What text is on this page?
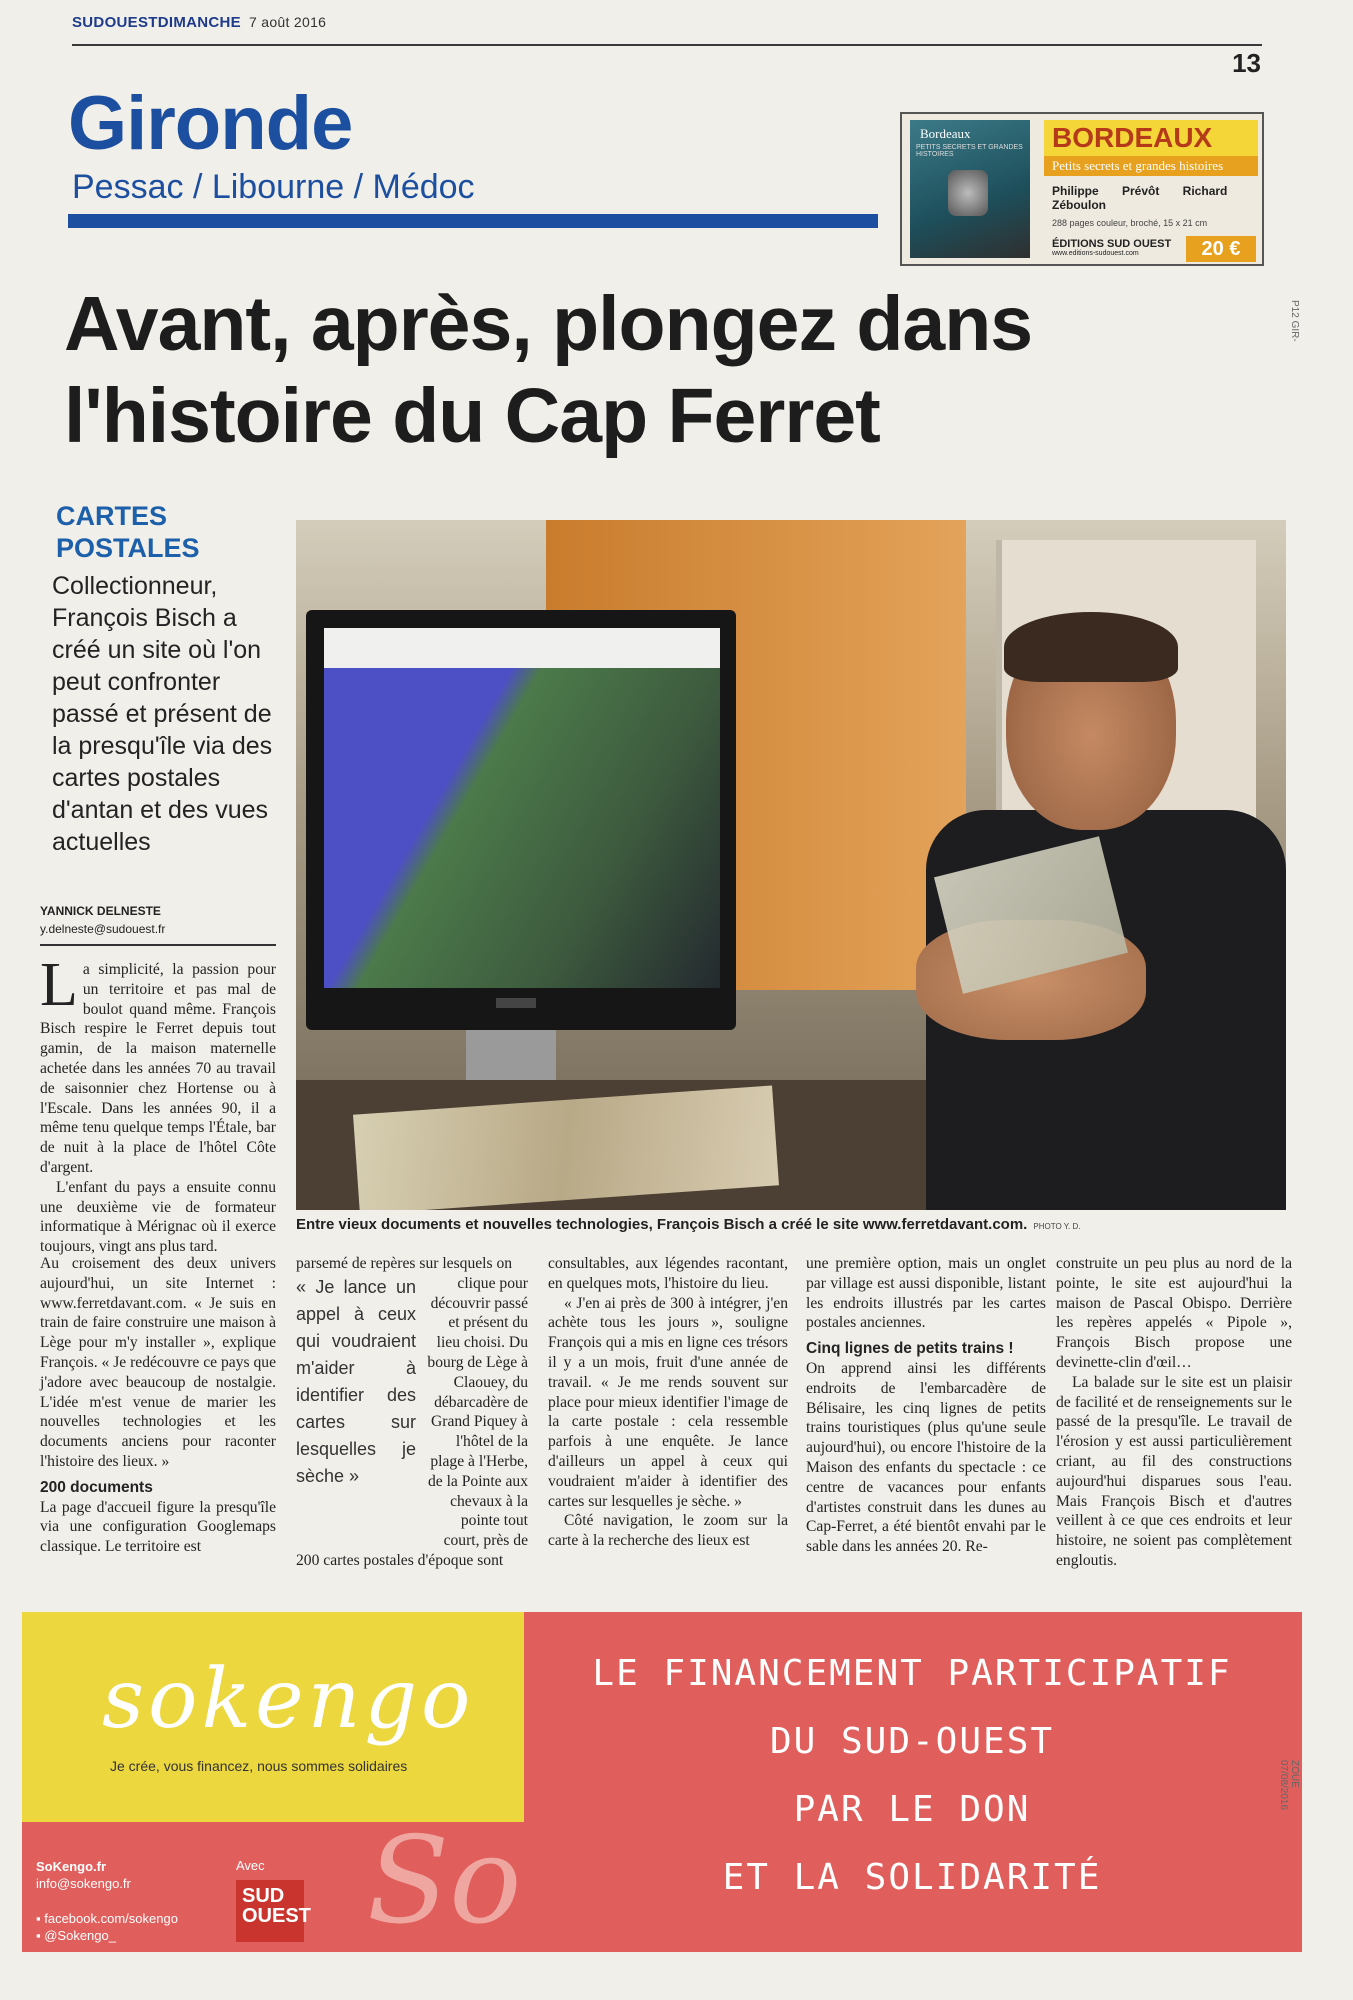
SUDOUESTDIMANCHE 7 août 2016
13
Gironde
Pessac / Libourne / Médoc
Bordeaux
PETITS SECRETS ET GRANDES HISTOIRES
BORDEAUX
Petits secrets et grandes histoires
Philippe Prévôt Richard Zéboulon
288 pages couleur, broché, 15 x 21 cm
ÉDITIONS SUD OUEST
www.editions-sudouest.com	20 €
Avant, après, plongez dans l'histoire du Cap Ferret
CARTES POSTALES
Collectionneur, François Bisch a créé un site où l'on peut confronter passé et présent de la presqu'île via des cartes postales d'antan et des vues actuelles
YANNICK DELNESTE
y.delneste@sudouest.fr
Entre vieux documents et nouvelles technologies, François Bisch a créé le site www.ferretdavant.com. PHOTO Y. D.

La simplicité, la passion pour un territoire et pas mal de boulot quand même. François Bisch respire le Ferret depuis tout gamin, de la maison maternelle achetée dans les années 70 au travail de saisonnier chez Hortense ou à l'Escale. Dans les années 90, il a même tenu quelque temps l'Étale, bar de nuit à la place de l'hôtel Côte d'argent.

L'enfant du pays a ensuite connu une deuxième vie de formateur informatique à Mérignac où il exerce toujours, vingt ans plus tard.

Au croisement des deux univers aujourd'hui, un site Internet : www.ferretdavant.com. « Je suis en train de faire construire une maison à Lège pour m'y installer », explique François. « Je redécouvre ce pays que j'adore avec beaucoup de nostalgie. L'idée m'est venue de marier les nouvelles technologies et les documents anciens pour raconter l'histoire des lieux. »

200 documents

La page d'accueil figure la presqu'île via une configuration Googlemaps classique. Le territoire est

parsemé de repères sur lesquels on

« Je lance un appel à ceux qui voudraient m'aider à identifier des cartes sur lesquelles je sèche »
clique pour découvrir passé et présent du lieu choisi. Du bourg de Lège à Claouey, du débarcadère de Grand Piquey à l'hôtel de la plage à l'Herbe, de la Pointe aux chevaux à la pointe tout court, près de

200 cartes postales d'époque sont

consultables, aux légendes racontant, en quelques mots, l'histoire du lieu.

« J'en ai près de 300 à intégrer, j'en achète tous les jours », souligne François qui a mis en ligne ces trésors il y a un mois, fruit d'une année de travail. « Je me rends souvent sur place pour mieux identifier l'image de la carte postale : cela ressemble parfois à une enquête. Je lance d'ailleurs un appel à ceux qui voudraient m'aider à identifier des cartes sur lesquelles je sèche. »

Côté navigation, le zoom sur la carte à la recherche des lieux est

une première option, mais un onglet par village est aussi disponible, listant les endroits illustrés par les cartes postales anciennes.

Cinq lignes de petits trains !

On apprend ainsi les différents endroits de l'embarcadère de Bélisaire, les cinq lignes de petits trains touristiques (plus qu'une seule aujourd'hui), ou encore l'histoire de la Maison des enfants du spectacle : ce centre de vacances pour enfants d'artistes construit dans les dunes au Cap-Ferret, a été bientôt envahi par le sable dans les années 20. Re-

construite un peu plus au nord de la pointe, le site est aujourd'hui la maison de Pascal Obispo. Derrière les repères appelés « Pipole », François Bisch propose une devinette-clin d'œil…

La balade sur le site est un plaisir de facilité et de renseignements sur le passé de la presqu'île. Le travail de l'érosion y est aussi particulièrement criant, au fil des constructions aujourd'hui disparues sous l'eau. Mais François Bisch et d'autres veillent à ce que ces endroits et leur histoire, ne soient pas complètement engloutis.

sokengo
Je crée, vous financez, nous sommes solidaires
So
SoKengo.fr
info@sokengo.fr
▪ facebook.com/sokengo
▪ @Sokengo_
Avec
SUD OUEST
LE FINANCEMENT PARTICIPATIF
DU SUD-OUEST
PAR LE DON
ET LA SOLIDARITÉ
P12 GIR-
ZOUE 07/08/2016
